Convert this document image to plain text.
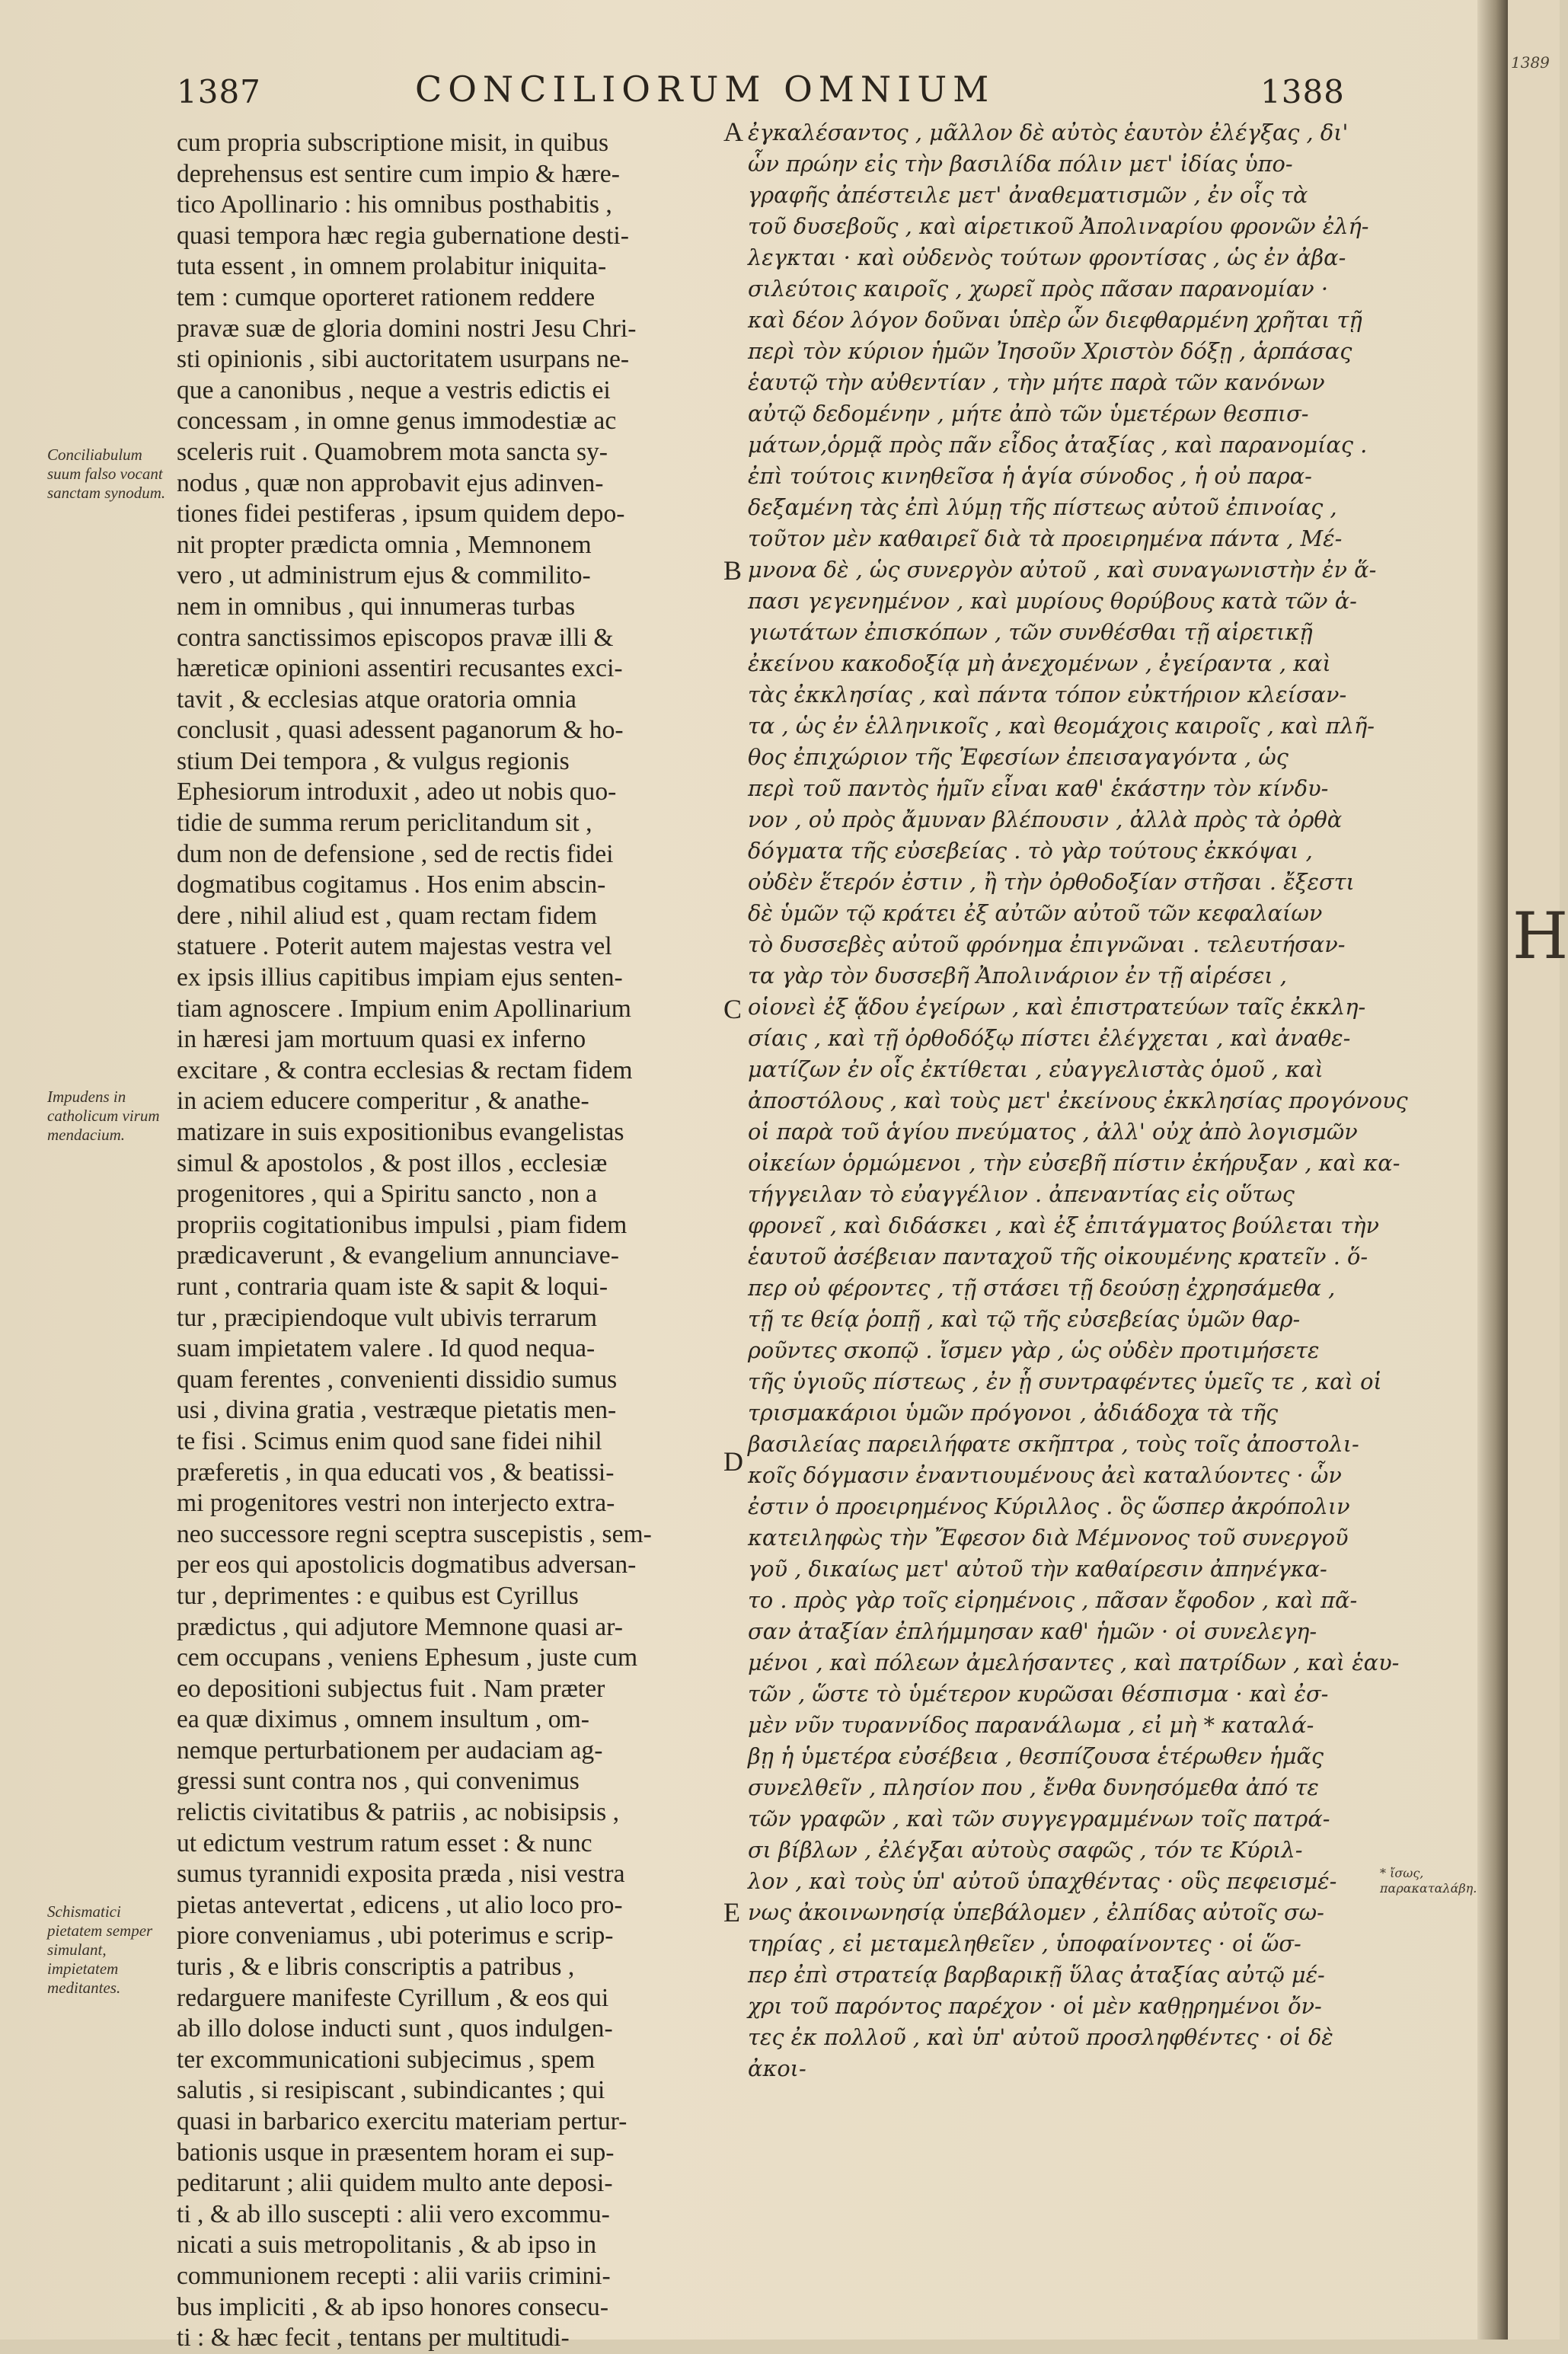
1389
H
1387	CONCILIORUM OMNIUM	1388
Conciliabulum suum falso vocant sanctam synodum.
Impudens in catholicum virum mendacium.
Schismatici pietatem semper simulant, impietatem meditantes.
* ἴσως, παρακαταλάβη.
A
B
C
D
E
cum propria subscriptione misit, in quibus
deprehensus est sentire cum impio & hære-
tico Apollinario : his omnibus posthabitis ,
quasi tempora hæc regia gubernatione desti-
tuta essent , in omnem prolabitur iniquita-
tem : cumque oporteret rationem reddere
pravæ suæ de gloria domini nostri Jesu Chri-
sti opinionis , sibi auctoritatem usurpans ne-
que a canonibus , neque a vestris edictis ei
concessam , in omne genus immodestiæ ac
sceleris ruit . Quamobrem mota sancta sy-
nodus , quæ non approbavit ejus adinven-
tiones fidei pestiferas , ipsum quidem depo-
nit propter prædicta omnia , Memnonem
vero , ut administrum ejus & commilito-
nem in omnibus , qui innumeras turbas
contra sanctissimos episcopos pravæ illi &
hæreticæ opinioni assentiri recusantes exci-
tavit , & ecclesias atque oratoria omnia
conclusit , quasi adessent paganorum & ho-
stium Dei tempora , & vulgus regionis
Ephesiorum introduxit , adeo ut nobis quo-
tidie de summa rerum periclitandum sit ,
dum non de defensione , sed de rectis fidei
dogmatibus cogitamus . Hos enim abscin-
dere , nihil aliud est , quam rectam fidem
statuere . Poterit autem majestas vestra vel
ex ipsis illius capitibus impiam ejus senten-
tiam agnoscere . Impium enim Apollinarium
in hæresi jam mortuum quasi ex inferno
excitare , & contra ecclesias & rectam fidem
in aciem educere comperitur , & anathe-
matizare in suis expositionibus evangelistas
simul & apostolos , & post illos , ecclesiæ
progenitores , qui a Spiritu sancto , non a
propriis cogitationibus impulsi , piam fidem
prædicaverunt , & evangelium annunciave-
runt , contraria quam iste & sapit & loqui-
tur , præcipiendoque vult ubivis terrarum
suam impietatem valere . Id quod nequa-
quam ferentes , convenienti dissidio sumus
usi , divina gratia , vestræque pietatis men-
te fisi . Scimus enim quod sane fidei nihil
præferetis , in qua educati vos , & beatissi-
mi progenitores vestri non interjecto extra-
neo successore regni sceptra suscepistis , sem-
per eos qui apostolicis dogmatibus adversan-
tur , deprimentes : e quibus est Cyrillus
prædictus , qui adjutore Memnone quasi ar-
cem occupans , veniens Ephesum , juste cum
eo depositioni subjectus fuit . Nam præter
ea quæ diximus , omnem insultum , om-
nemque perturbationem per audaciam ag-
gressi sunt contra nos , qui convenimus
relictis civitatibus & patriis , ac nobisipsis ,
ut edictum vestrum ratum esset : & nunc
sumus tyrannidi exposita præda , nisi vestra
pietas antevertat , edicens , ut alio loco pro-
piore conveniamus , ubi poterimus e scrip-
turis , & e libris conscriptis a patribus ,
redarguere manifeste Cyrillum , & eos qui
ab illo dolose inducti sunt , quos indulgen-
ter excommunicationi subjecimus , spem
salutis , si resipiscant , subindicantes ; qui
quasi in barbarico exercitu materiam pertur-
bationis usque in præsentem horam ei sup-
peditarunt ; alii quidem multo ante deposi-
ti , & ab illo suscepti : alii vero excommu-
nicati a suis metropolitanis , & ab ipso in
communionem recepti : alii variis crimini-
bus impliciti , & ab ipso honores consecu-
ti : & hæc fecit , tentans per multitudi-
ἐγκαλέσαντος , μᾶλλον δὲ αὐτὸς ἑαυτὸν ἐλέγξας , δι'
ὧν πρώην εἰς τὴν βασιλίδα πόλιν μετ' ἰδίας ὑπο-
γραφῆς ἀπέστειλε μετ' ἀναθεματισμῶν , ἐν οἷς τὰ
τοῦ δυσεβοῦς , καὶ αἱρετικοῦ Ἀπολιναρίου φρονῶν ἐλή-
λεγκται · καὶ οὐδενὸς τούτων φροντίσας , ὡς ἐν ἀβα-
σιλεύτοις καιροῖς , χωρεῖ πρὸς πᾶσαν παρανομίαν ·
καὶ δέον λόγον δοῦναι ὑπὲρ ὧν διεφθαρμένη χρῆται τῇ
περὶ τὸν κύριον ἡμῶν Ἰησοῦν Χριστὸν δόξῃ , ἁρπάσας
ἑαυτῷ τὴν αὐθεντίαν , τὴν μήτε παρὰ τῶν κανόνων
αὐτῷ δεδομένην , μήτε ἀπὸ τῶν ὑμετέρων θεσπισ-
μάτων,ὁρμᾷ πρὸς πᾶν εἶδος ἀταξίας , καὶ παρανομίας .
ἐπὶ τούτοις κινηθεῖσα ἡ ἁγία σύνοδος , ἡ οὐ παρα-
δεξαμένη τὰς ἐπὶ λύμῃ τῆς πίστεως αὐτοῦ ἐπινοίας ,
τοῦτον μὲν καθαιρεῖ διὰ τὰ προειρημένα πάντα , Μέ-
μνονα δὲ , ὡς συνεργὸν αὐτοῦ , καὶ συναγωνιστὴν ἐν ἅ-
πασι γεγενημένον , καὶ μυρίους θορύβους κατὰ τῶν ἁ-
γιωτάτων ἐπισκόπων , τῶν συνθέσθαι τῇ αἱρετικῇ
ἐκείνου κακοδοξίᾳ μὴ ἀνεχομένων , ἐγείραντα , καὶ
τὰς ἐκκλησίας , καὶ πάντα τόπον εὐκτήριον κλείσαν-
τα , ὡς ἐν ἑλληνικοῖς , καὶ θεομάχοις καιροῖς , καὶ πλῆ-
θος ἐπιχώριον τῆς Ἐφεσίων ἐπεισαγαγόντα , ὡς
περὶ τοῦ παντὸς ἡμῖν εἶναι καθ' ἑκάστην τὸν κίνδυ-
νον , οὐ πρὸς ἄμυναν βλέπουσιν , ἀλλὰ πρὸς τὰ ὀρθὰ
δόγματα τῆς εὐσεβείας . τὸ γὰρ τούτους ἐκκόψαι ,
οὐδὲν ἕτερόν ἐστιν , ἢ τὴν ὀρθοδοξίαν στῆσαι . ἔξεστι
δὲ ὑμῶν τῷ κράτει ἐξ αὐτῶν αὐτοῦ τῶν κεφαλαίων
τὸ δυσσεβὲς αὐτοῦ φρόνημα ἐπιγνῶναι . τελευτήσαν-
τα γὰρ τὸν δυσσεβῆ Ἀπολινάριον ἐν τῇ αἱρέσει ,
οἱονεὶ ἐξ ᾅδου ἐγείρων , καὶ ἐπιστρατεύων ταῖς ἐκκλη-
σίαις , καὶ τῇ ὀρθοδόξῳ πίστει ἐλέγχεται , καὶ ἀναθε-
ματίζων ἐν οἷς ἐκτίθεται , εὐαγγελιστὰς ὁμοῦ , καὶ
ἀποστόλους , καὶ τοὺς μετ' ἐκείνους ἐκκλησίας προγόνους
οἱ παρὰ τοῦ ἁγίου πνεύματος , ἀλλ' οὐχ ἀπὸ λογισμῶν
οἰκείων ὁρμώμενοι , τὴν εὐσεβῆ πίστιν ἐκήρυξαν , καὶ κα-
τήγγειλαν τὸ εὐαγγέλιον . ἀπεναντίας εἰς οὕτως
φρονεῖ , καὶ διδάσκει , καὶ ἐξ ἐπιτάγματος βούλεται τὴν
ἑαυτοῦ ἀσέβειαν πανταχοῦ τῆς οἰκουμένης κρατεῖν . ὅ-
περ οὐ φέροντες , τῇ στάσει τῇ δεούσῃ ἐχρησάμεθα ,
τῇ τε θείᾳ ῥοπῇ , καὶ τῷ τῆς εὐσεβείας ὑμῶν θαρ-
ροῦντες σκοπῷ . ἴσμεν γὰρ , ὡς οὐδὲν προτιμήσετε
τῆς ὑγιοῦς πίστεως , ἐν ᾗ συντραφέντες ὑμεῖς τε , καὶ οἱ
τρισμακάριοι ὑμῶν πρόγονοι , ἀδιάδοχα τὰ τῆς
βασιλείας παρειλήφατε σκῆπτρα , τοὺς τοῖς ἀποστολι-
κοῖς δόγμασιν ἐναντιουμένους ἀεὶ καταλύοντες · ὧν
ἐστιν ὁ προειρημένος Κύριλλος . ὃς ὥσπερ ἀκρόπολιν
κατειληφὼς τὴν Ἔφεσον διὰ Μέμνονος τοῦ συνεργοῦ
γοῦ , δικαίως μετ' αὐτοῦ τὴν καθαίρεσιν ἀπηνέγκα-
το . πρὸς γὰρ τοῖς εἰρημένοις , πᾶσαν ἔφοδον , καὶ πᾶ-
σαν ἀταξίαν ἐπλήμμησαν καθ' ἡμῶν · οἱ συνελεγη-
μένοι , καὶ πόλεων ἀμελήσαντες , καὶ πατρίδων , καὶ ἑαυ-
τῶν , ὥστε τὸ ὑμέτερον κυρῶσαι θέσπισμα · καὶ ἐσ-
μὲν νῦν τυραννίδος παρανάλωμα , εἰ μὴ * καταλά-
βῃ ἡ ὑμετέρα εὐσέβεια , θεσπίζουσα ἑτέρωθεν ἡμᾶς
συνελθεῖν , πλησίον που , ἔνθα δυνησόμεθα ἀπό τε
τῶν γραφῶν , καὶ τῶν συγγεγραμμένων τοῖς πατρά-
σι βίβλων , ἐλέγξαι αὐτοὺς σαφῶς , τόν τε Κύριλ-
λον , καὶ τοὺς ὑπ' αὐτοῦ ὑπαχθέντας · οὓς πεφεισμέ-
νως ἀκοινωνησίᾳ ὑπεβάλομεν , ἐλπίδας αὐτοῖς σω-
τηρίας , εἰ μεταμεληθεῖεν , ὑποφαίνοντες · οἱ ὥσ-
περ ἐπὶ στρατείᾳ βαρβαρικῇ ὕλας ἀταξίας αὐτῷ μέ-
χρι τοῦ παρόντος παρέχον · οἱ μὲν καθῃρημένοι ὄν-
τες ἐκ πολλοῦ , καὶ ὑπ' αὐτοῦ προσληφθέντες · οἱ δὲ
ἀκοι-
